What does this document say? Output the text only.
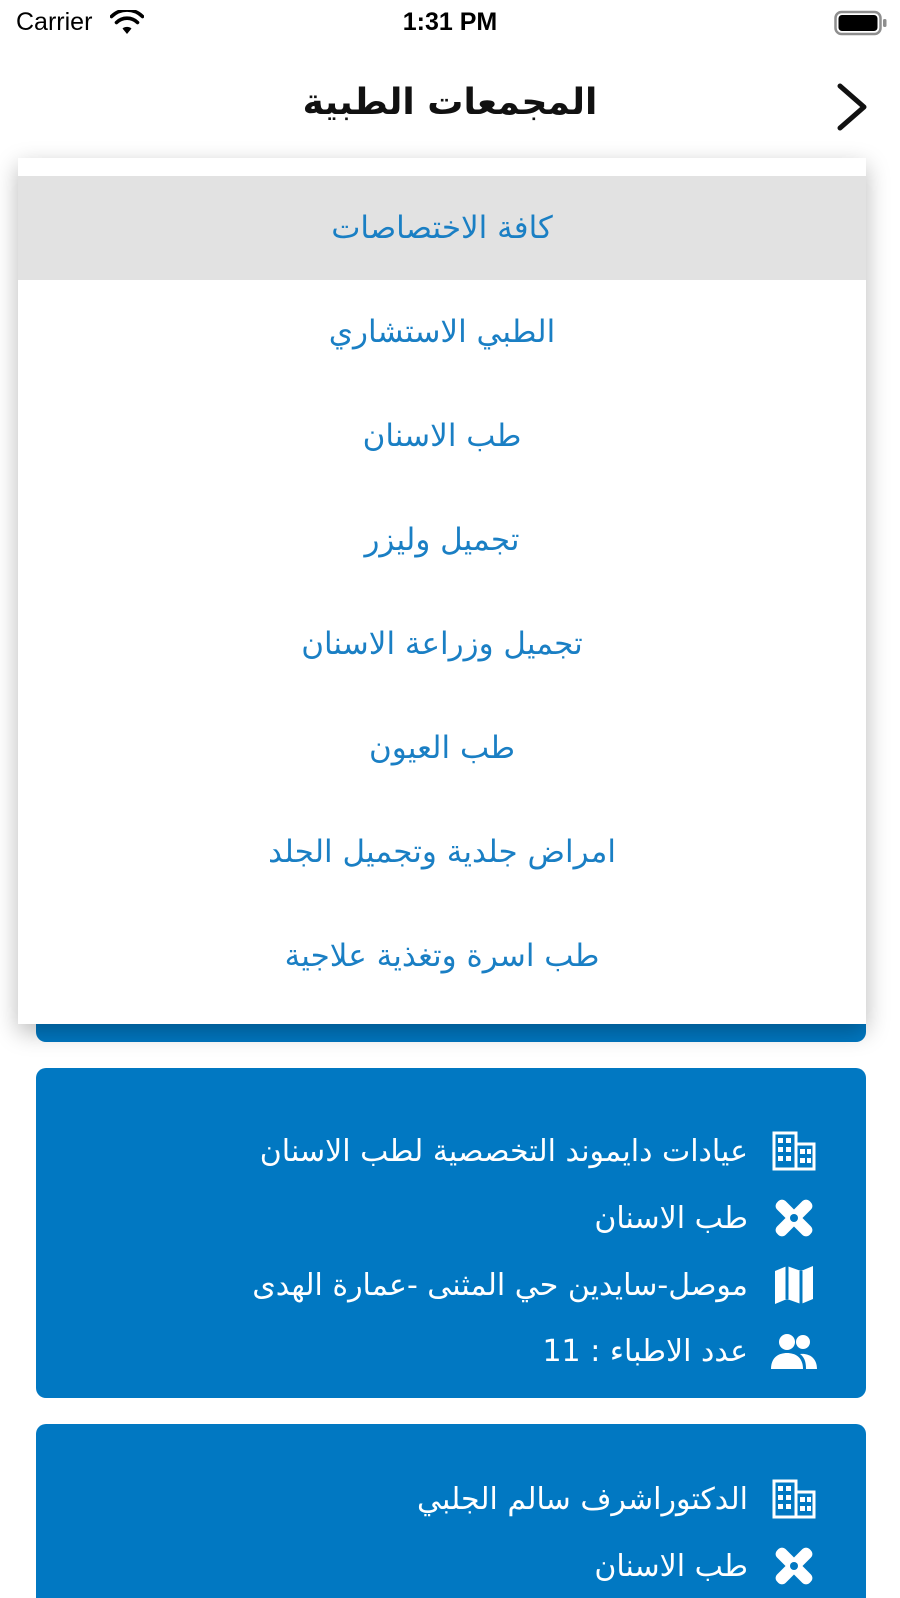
Carrier	1:31 PM
المجمعات الطبية
عيادات دايموند التخصصية لطب الاسنان
طب الاسنان
موصل-سايدين حي المثنى -عمارة الهدى
عدد الاطباء : 11
الدكتوراشرف سالم الجلبي
طب الاسنان
كافة الاختصاصات
الطبي الاستشاري
طب الاسنان
تجميل وليزر
تجميل وزراعة الاسنان
طب العيون
امراض جلدية وتجميل الجلد
طب اسرة وتغذية علاجية
